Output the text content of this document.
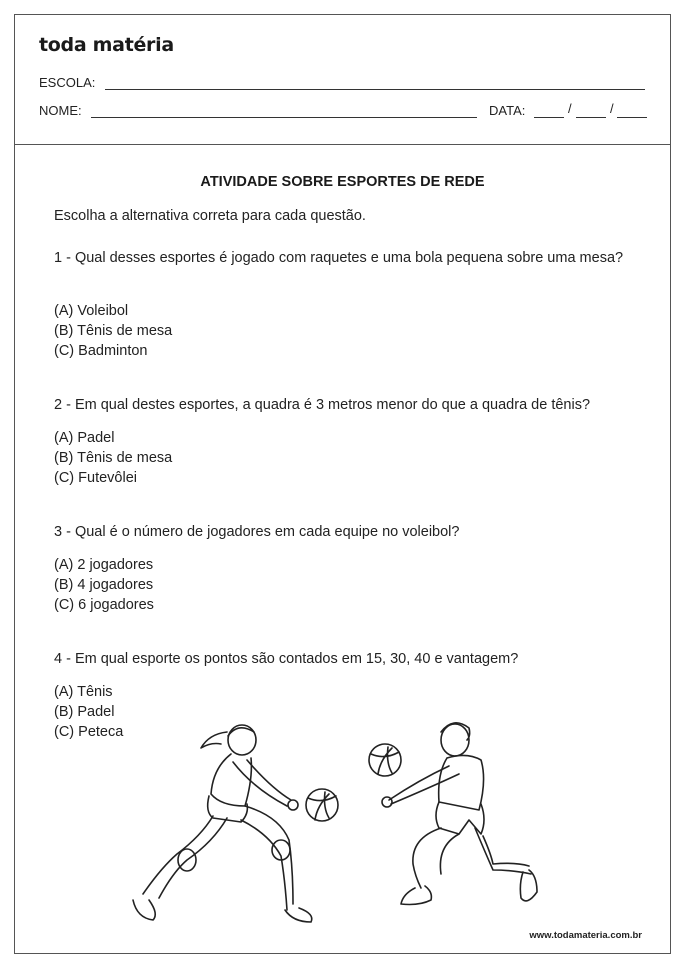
toda matéria
ESCOLA:
NOME:	DATA:	/	/
ATIVIDADE SOBRE ESPORTES DE REDE
Escolha a alternativa correta para cada questão.
1 - Qual desses esportes é jogado com raquetes e uma bola pequena sobre uma mesa?
(A) Voleibol
(B) Tênis de mesa
(C) Badminton
2 - Em qual destes esportes, a quadra é 3 metros menor do que a quadra de tênis?
(A) Padel
(B) Tênis de mesa
(C) Futevôlei
3 - Qual é o número de jogadores em cada equipe no voleibol?
(A) 2 jogadores
(B) 4 jogadores
(C) 6 jogadores
4 - Em qual esporte os pontos são contados em 15, 30, 40 e vantagem?
(A) Tênis
(B) Padel
(C) Peteca
www.todamateria.com.br
